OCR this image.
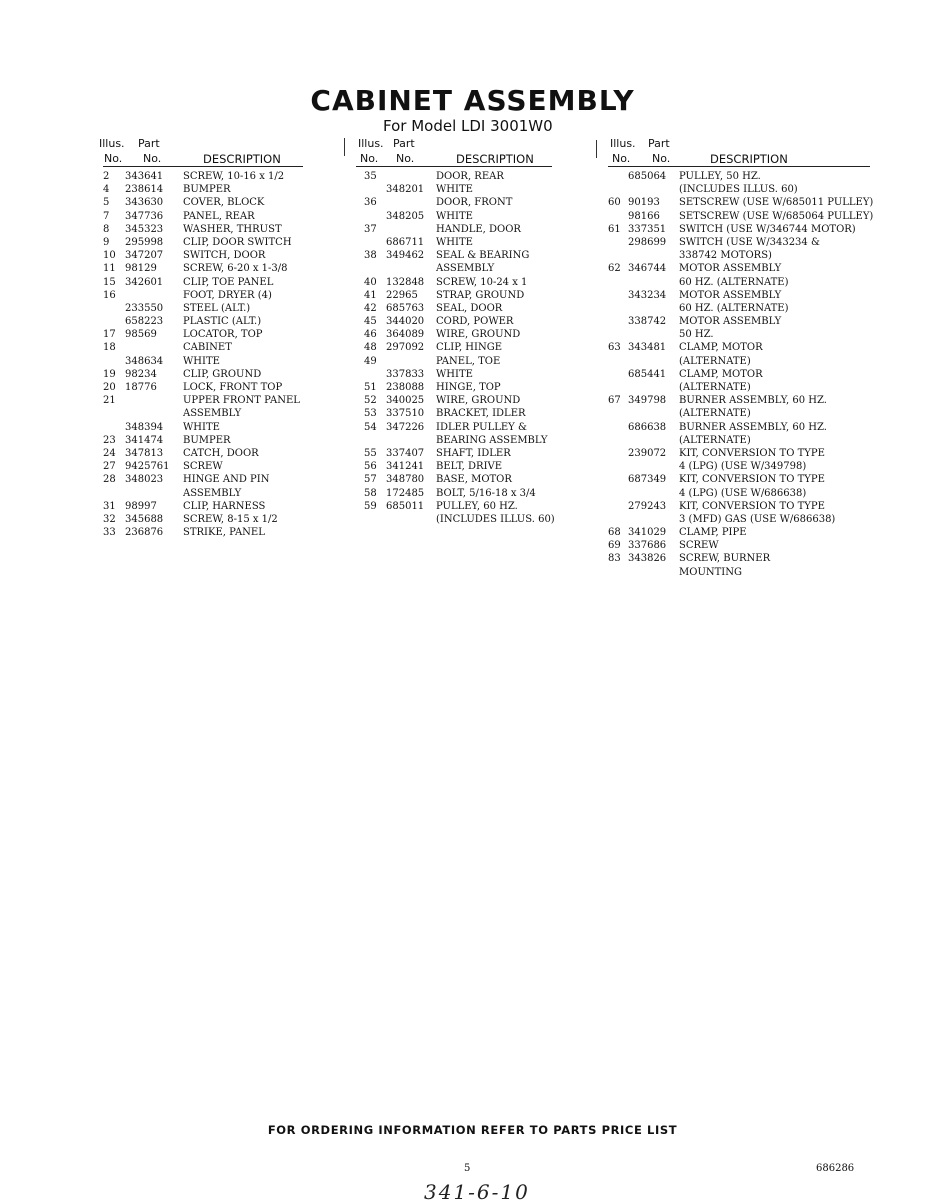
CABINET ASSEMBLY
For Model LDI 3001W0
Illus. Part
No. No.	DESCRIPTION
2 343641 SCREW, 10-16 x 1/2
4 238614 BUMPER
5 343630 COVER, BLOCK
7 347736 PANEL, REAR
8 345323 WASHER, THRUST
9 295998 CLIP, DOOR SWITCH
10 347207 SWITCH, DOOR
11 98129	SCREW, 6-20 x 1-3/8
15 342601 CLIP, TOE PANEL
16	FOOT, DRYER (4)
233550 STEEL (ALT.)
658223 PLASTIC (ALT.)
17 98569	LOCATOR, TOP
18	CABINET
348634 WHITE
19 98234	CLIP, GROUND
20 18776	LOCK, FRONT TOP
21	UPPER FRONT PANEL
ASSEMBLY
348394 WHITE
23 341474 BUMPER
24 347813 CATCH, DOOR
27 9425761 SCREW
28 348023 HINGE AND PIN
ASSEMBLY
31 98997	CLIP, HARNESS
32 345688 SCREW, 8-15 x 1/2
33 236876 STRIKE, PANEL
Illus. Part
No. No.	DESCRIPTION
35	DOOR, REAR
348201 WHITE
36	DOOR, FRONT
348205 WHITE
37	HANDLE, DOOR
686711 WHITE
38 349462 SEAL & BEARING
ASSEMBLY
40 132848 SCREW, 10-24 x 1
41 22965 STRAP, GROUND
42 685763 SEAL, DOOR
45 344020 CORD, POWER
46 364089 WIRE, GROUND
48 297092 CLIP, HINGE
49	PANEL, TOE
337833 WHITE
51 238088 HINGE, TOP
52 340025 WIRE, GROUND
53 337510 BRACKET, IDLER
54 347226 IDLER PULLEY &
BEARING ASSEMBLY
55 337407 SHAFT, IDLER
56 341241 BELT, DRIVE
57 348780 BASE, MOTOR
58 172485 BOLT, 5/16-18 x 3/4
59 685011 PULLEY, 60 HZ.
(INCLUDES ILLUS. 60)
Illus. Part
No. No.	DESCRIPTION
685064 PULLEY, 50 HZ.
(INCLUDES ILLUS. 60)
60 90193 SETSCREW (USE W/685011 PULLEY)
98166 SETSCREW (USE W/685064 PULLEY)
61 337351 SWITCH (USE W/346744 MOTOR)
298699 SWITCH (USE W/343234 &
338742 MOTORS)
62 346744 MOTOR ASSEMBLY
60 HZ. (ALTERNATE)
343234 MOTOR ASSEMBLY
60 HZ. (ALTERNATE)
338742 MOTOR ASSEMBLY
50 HZ.
63 343481 CLAMP, MOTOR
(ALTERNATE)
685441 CLAMP, MOTOR
(ALTERNATE)
67 349798 BURNER ASSEMBLY, 60 HZ.
(ALTERNATE)
686638 BURNER ASSEMBLY, 60 HZ.
(ALTERNATE)
239072 KIT, CONVERSION TO TYPE
4 (LPG) (USE W/349798)
687349 KIT, CONVERSION TO TYPE
4 (LPG) (USE W/686638)
279243 KIT, CONVERSION TO TYPE
3 (MFD) GAS (USE W/686638)
68 341029 CLAMP, PIPE
69 337686 SCREW
83 343826 SCREW, BURNER
MOUNTING
FOR ORDERING INFORMATION REFER TO PARTS PRICE LIST
5	686286
341-6-10
